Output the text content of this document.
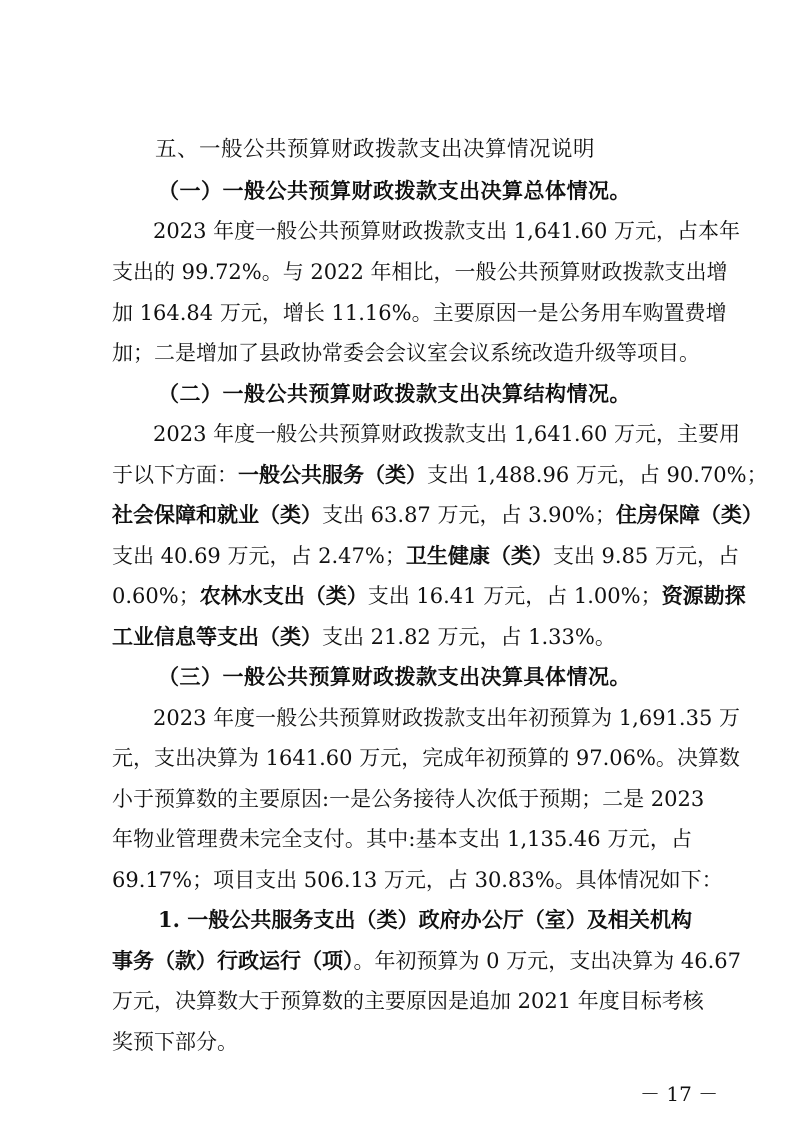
五、一般公共预算财政拨款支出决算情况说明
（一）一般公共预算财政拨款支出决算总体情况。
2023 年度一般公共预算财政拨款支出 1,641.60 万元，占本年
支出的 99.72%。与 2022 年相比，一般公共预算财政拨款支出增
加 164.84 万元，增长 11.16%。主要原因一是公务用车购置费增
加；二是增加了县政协常委会会议室会议系统改造升级等项目。
（二）一般公共预算财政拨款支出决算结构情况。
2023 年度一般公共预算财政拨款支出 1,641.60 万元，主要用
于以下方面：一般公共服务（类）支出 1,488.96 万元，占 90.70%；
社会保障和就业（类）支出 63.87 万元，占 3.90%；住房保障（类）
支出 40.69 万元，占 2.47%；卫生健康（类）支出 9.85 万元，占
0.60%；农林水支出（类）支出 16.41 万元，占 1.00%；资源勘探
工业信息等支出（类）支出 21.82 万元，占 1.33%。
（三）一般公共预算财政拨款支出决算具体情况。
2023 年度一般公共预算财政拨款支出年初预算为 1,691.35 万
元，支出决算为 1641.60 万元，完成年初预算的 97.06%。决算数
小于预算数的主要原因:一是公务接待人次低于预期；二是 2023
年物业管理费未完全支付。其中:基本支出 1,135.46 万元，占
69.17%；项目支出 506.13 万元，占 30.83%。具体情况如下：
1. 一般公共服务支出（类）政府办公厅（室）及相关机构
事务（款）行政运行（项）。年初预算为 0 万元，支出决算为 46.67
万元，决算数大于预算数的主要原因是追加 2021 年度目标考核
奖预下部分。
－ 17 －
